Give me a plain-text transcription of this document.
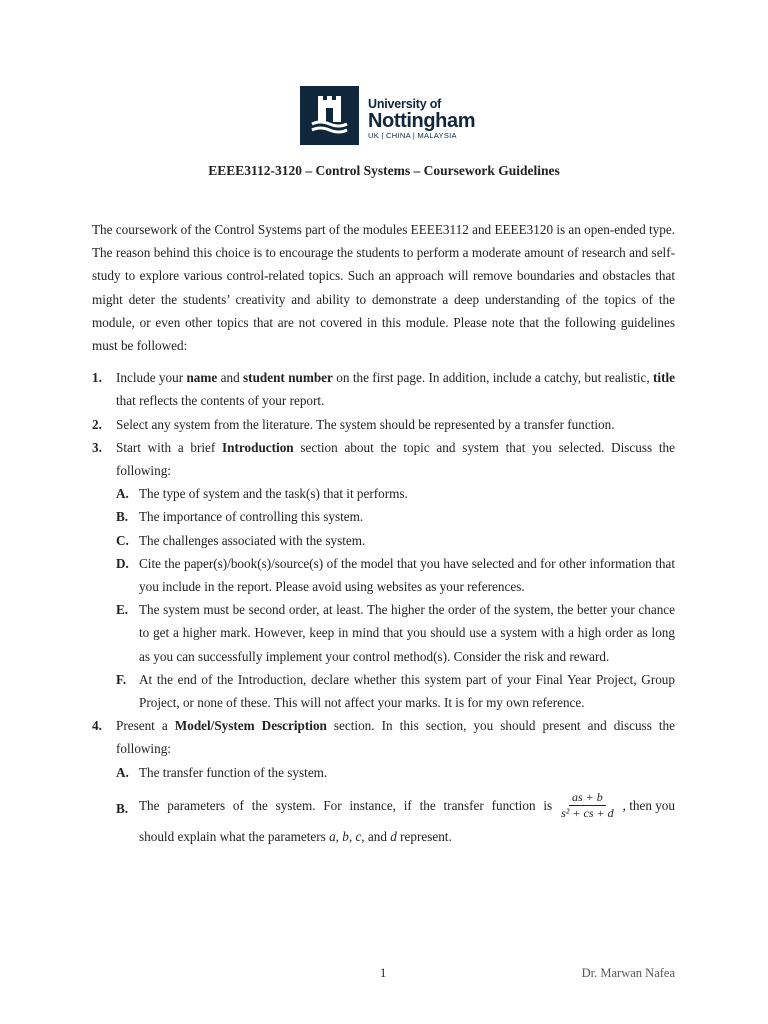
University of
Nottingham
UK | CHINA | MALAYSIA
EEEE3112-3120 – Control Systems – Coursework Guidelines

The coursework of the Control Systems part of the modules EEEE3112 and EEEE3120 is an open-ended type. The reason behind this choice is to encourage the students to perform a moderate amount of research and self-study to explore various control-related topics. Such an approach will remove boundaries and obstacles that might deter the students’ creativity and ability to demonstrate a deep understanding of the topics of the module, or even other topics that are not covered in this module. Please note that the following guidelines must be followed:

1. Include your name and student number on the first page. In addition, include a catchy, but realistic, title that reflects the contents of your report.
2. Select any system from the literature. The system should be represented by a transfer function.
3. Start with a brief Introduction section about the topic and system that you selected. Discuss the following:
A. The type of system and the task(s) that it performs.
B. The importance of controlling this system.
C. The challenges associated with the system.
D. Cite the paper(s)/book(s)/source(s) of the model that you have selected and for other information that you include in the report. Please avoid using websites as your references.
E. The system must be second order, at least. The higher the order of the system, the better your chance to get a higher mark. However, keep in mind that you should use a system with a high order as long as you can successfully implement your control method(s). Consider the risk and reward.
F. At the end of the Introduction, declare whether this system part of your Final Year Project, Group Project, or none of these. This will not affect your marks. It is for my own reference.
4. Present a Model/System Description section. In this section, you should present and discuss the following:
A. The transfer function of the system.
B. The parameters of the system. For instance, if the transfer function is $\frac{as + b}{\text{s² + cs + d}}$ , then you
should explain what the parameters a, b, c, and d represent.
1	Dr. Marwan Nafea
